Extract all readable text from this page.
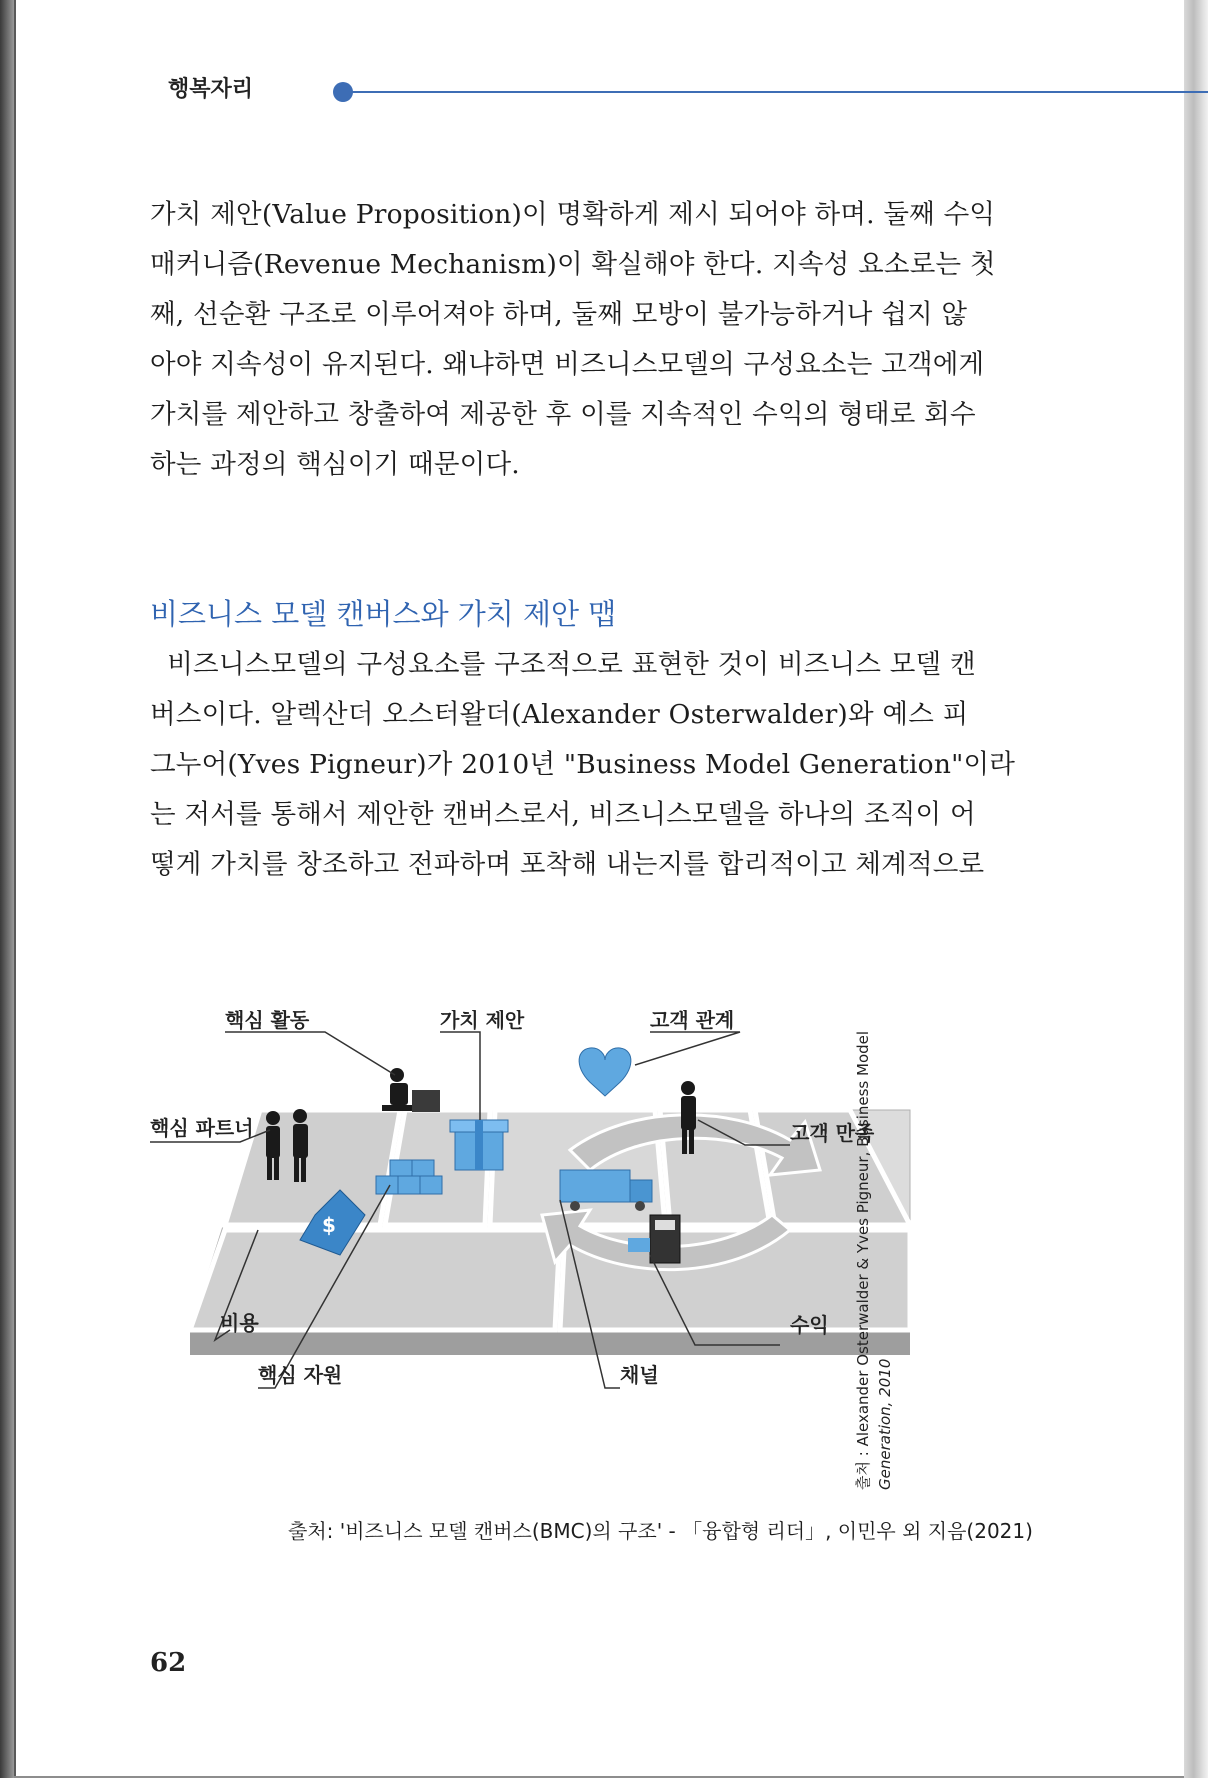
행복자리
가치 제안(Value Proposition)이 명확하게 제시 되어야 하며. 둘째 수익
매커니즘(Revenue Mechanism)이 확실해야 한다. 지속성 요소로는 첫
째, 선순환 구조로 이루어져야 하며, 둘째 모방이 불가능하거나 쉽지 않
아야 지속성이 유지된다. 왜냐하면 비즈니스모델의 구성요소는 고객에게
가치를 제안하고 창출하여 제공한 후 이를 지속적인 수익의 형태로 회수
하는 과정의 핵심이기 때문이다.
비즈니스 모델 캔버스와 가치 제안 맵
비즈니스모델의 구성요소를 구조적으로 표현한 것이 비즈니스 모델 캔
버스이다. 알렉산더 오스터왈더(Alexander Osterwalder)와 예스 피
그누어(Yves Pigneur)가 2010년 "Business Model Generation"이라
는 저서를 통해서 제안한 캔버스로서, 비즈니스모델을 하나의 조직이 어
떻게 가치를 창조하고 전파하며 포착해 내는지를 합리적이고 체계적으로
$
핵심 활동	가치 제안	고객 관계
핵심 파트너	고객 만족
비용
핵심 자원	채널
수익 출처 : Alexander Osterwalder & Yves Pigneur, Business Model Generation, 2010
출처: '비즈니스 모델 캔버스(BMC)의 구조' - 「융합형 리더」, 이민우 외 지음(2021)
62
